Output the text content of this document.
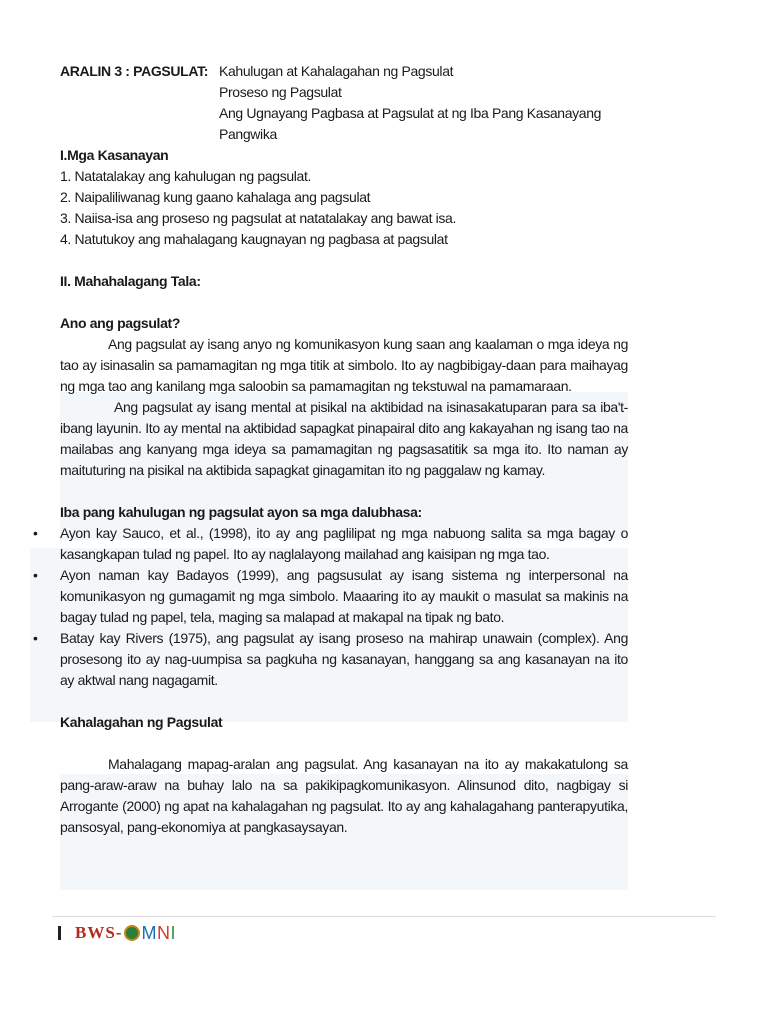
ARALIN 3 : PAGSULAT: Kahulugan at Kahalagahan ng Pagsulat

Proseso ng Pagsulat

Ang Ugnayang Pagbasa at Pagsulat at ng Iba Pang Kasanayang

Pangwika

I.Mga Kasanayan

1. Natatalakay ang kahulugan ng pagsulat.

2. Naipaliliwanag kung gaano kahalaga ang pagsulat

3. Naiisa-isa ang proseso ng pagsulat at natatalakay ang bawat isa.

4. Natutukoy ang mahalagang kaugnayan ng pagbasa at pagsulat

II. Mahahalagang Tala:

Ano ang pagsulat?

Ang pagsulat ay isang anyo ng komunikasyon kung saan ang kaalaman o mga ideya ng tao ay isinasalin sa pamamagitan ng mga titik at simbolo. Ito ay nagbibigay-daan para maihayag ng mga tao ang kanilang mga saloobin sa pamamagitan ng tekstuwal na pamamaraan.

Ang pagsulat ay isang mental at pisikal na aktibidad na isinasakatuparan para sa iba't-ibang layunin. Ito ay mental na aktibidad sapagkat pinapairal dito ang kakayahan ng isang tao na mailabas ang kanyang mga ideya sa pamamagitan ng pagsasatitik sa mga ito. Ito naman ay maituturing na pisikal na aktibida sapagkat ginagamitan ito ng paggalaw ng kamay.

Iba pang kahulugan ng pagsulat ayon sa mga dalubhasa:

• Ayon kay Sauco, et al., (1998), ito ay ang paglilipat ng mga nabuong salita sa mga bagay o kasangkapan tulad ng papel. Ito ay naglalayong mailahad ang kaisipan ng mga tao.
• Ayon naman kay Badayos (1999), ang pagsusulat ay isang sistema ng interpersonal na komunikasyon ng gumagamit ng mga simbolo. Maaaring ito ay maukit o masulat sa makinis na bagay tulad ng papel, tela, maging sa malapad at makapal na tipak ng bato.
• Batay kay Rivers (1975), ang pagsulat ay isang proseso na mahirap unawain (complex). Ang prosesong ito ay nag-uumpisa sa pagkuha ng kasanayan, hanggang sa ang kasanayan na ito ay aktwal nang nagagamit.

Kahalagahan ng Pagsulat

Mahalagang mapag-aralan ang pagsulat. Ang kasanayan na ito ay makakatulong sa pang-araw-araw na buhay lalo na sa pakikipagkomunikasyon. Alinsunod dito, nagbigay si Arrogante (2000) ng apat na kahalagahan ng pagsulat. Ito ay ang kahalagahang panterapyutika, pansosyal, pang-ekonomiya at pangkasaysayan.

BWS- MNI
